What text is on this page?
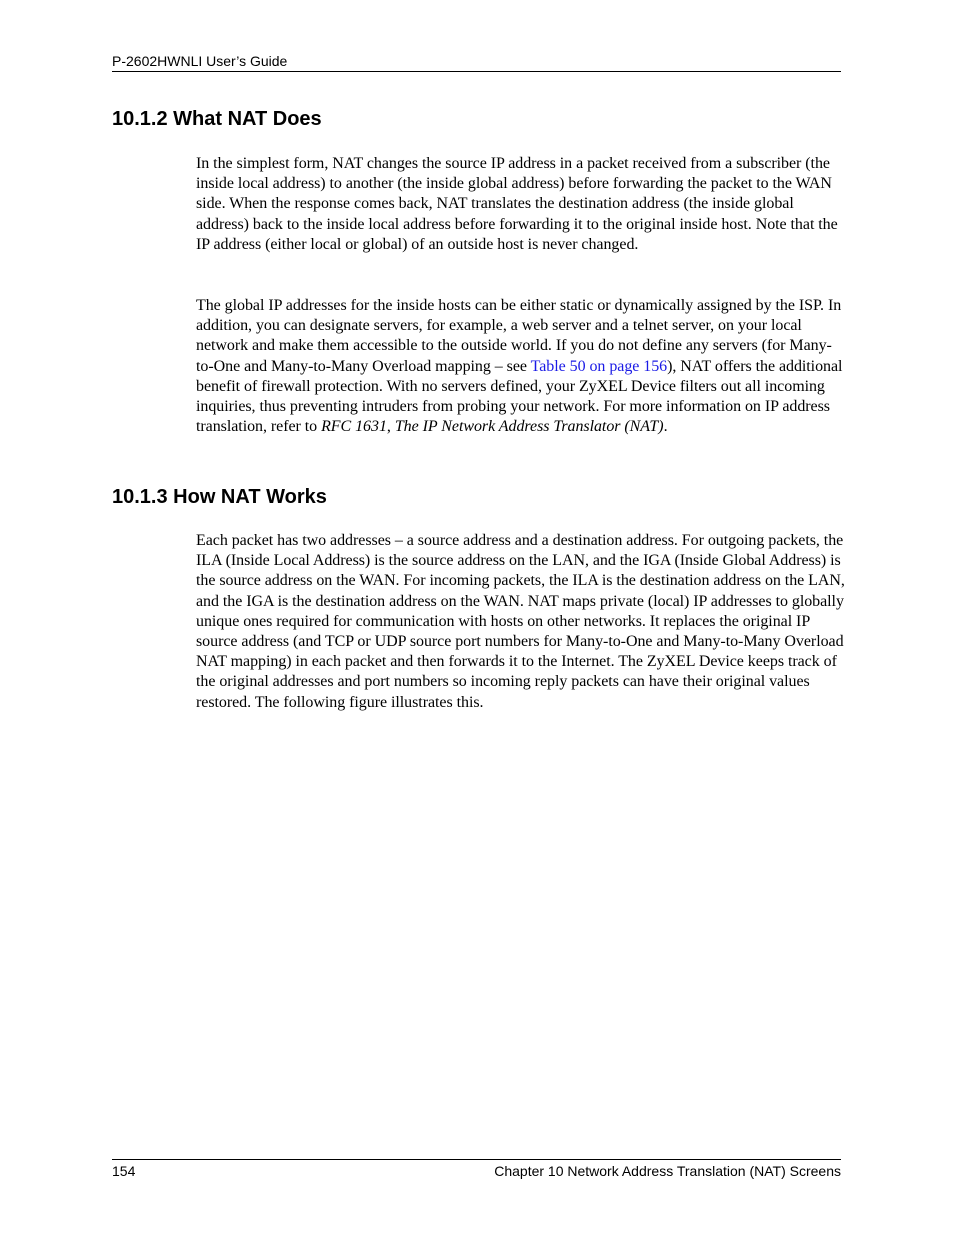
P-2602HWNLI User’s Guide
10.1.2 What NAT Does

In the simplest form, NAT changes the source IP address in a packet received from a subscriber (the inside local address) to another (the inside global address) before forwarding the packet to the WAN side. When the response comes back, NAT translates the destination address (the inside global address) back to the inside local address before forwarding it to the original inside host. Note that the IP address (either local or global) of an outside host is never changed.

The global IP addresses for the inside hosts can be either static or dynamically assigned by the ISP. In addition, you can designate servers, for example, a web server and a telnet server, on your local network and make them accessible to the outside world. If you do not define any servers (for Many-to-One and Many-to-Many Overload mapping – see Table 50 on page 156), NAT offers the additional benefit of firewall protection. With no servers defined, your ZyXEL Device filters out all incoming inquiries, thus preventing intruders from probing your network. For more information on IP address translation, refer to RFC 1631, The IP Network Address Translator (NAT).

10.1.3 How NAT Works

Each packet has two addresses – a source address and a destination address. For outgoing packets, the ILA (Inside Local Address) is the source address on the LAN, and the IGA (Inside Global Address) is the source address on the WAN. For incoming packets, the ILA is the destination address on the LAN, and the IGA is the destination address on the WAN. NAT maps private (local) IP addresses to globally unique ones required for communication with hosts on other networks. It replaces the original IP source address (and TCP or UDP source port numbers for Many-to-One and Many-to-Many Overload NAT mapping) in each packet and then forwards it to the Internet. The ZyXEL Device keeps track of the original addresses and port numbers so incoming reply packets can have their original values restored. The following figure illustrates this.

154	Chapter 10 Network Address Translation (NAT) Screens
